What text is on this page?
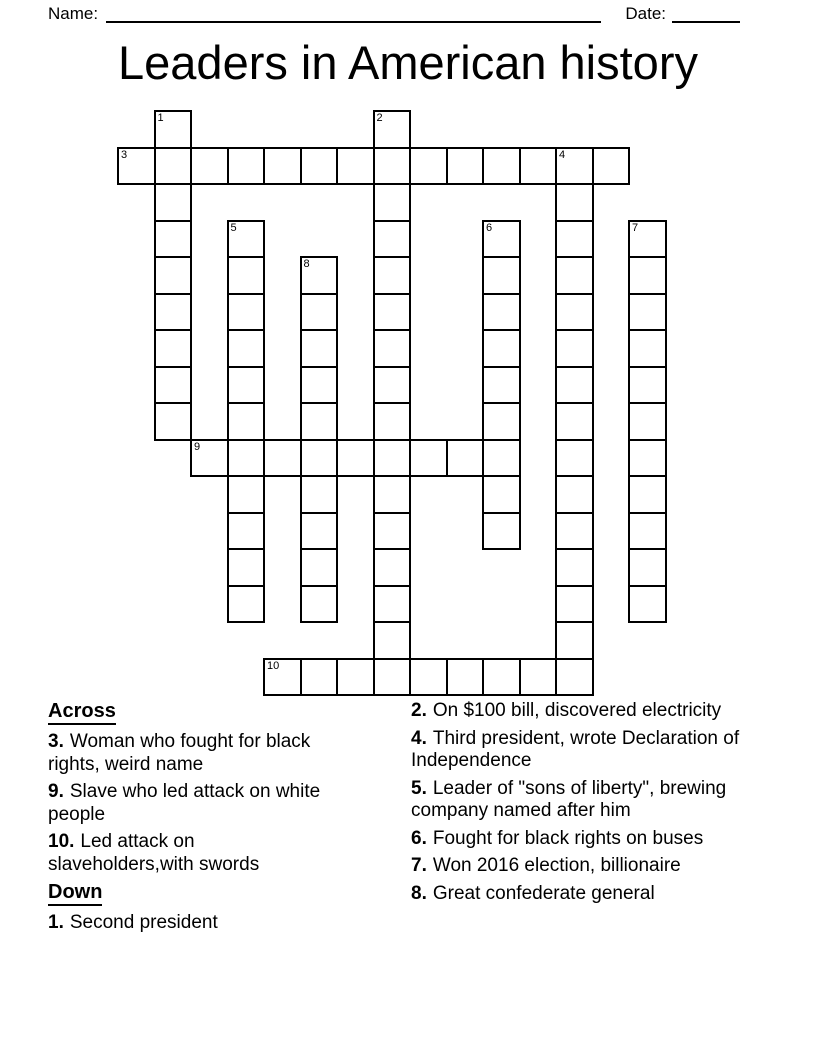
Name:	Date:
Leaders in American history
1	2
3	4
5	6	7
8
9
10
Across

3. Woman who fought for black rights, weird name

9. Slave who led attack on white people

10. Led attack on slaveholders,with swords

Down

1. Second president

2. On $100 bill, discovered electricity

4. Third president, wrote Declaration of Independence

5. Leader of "sons of liberty", brewing company named after him

6. Fought for black rights on buses

7. Won 2016 election, billionaire

8. Great confederate general
